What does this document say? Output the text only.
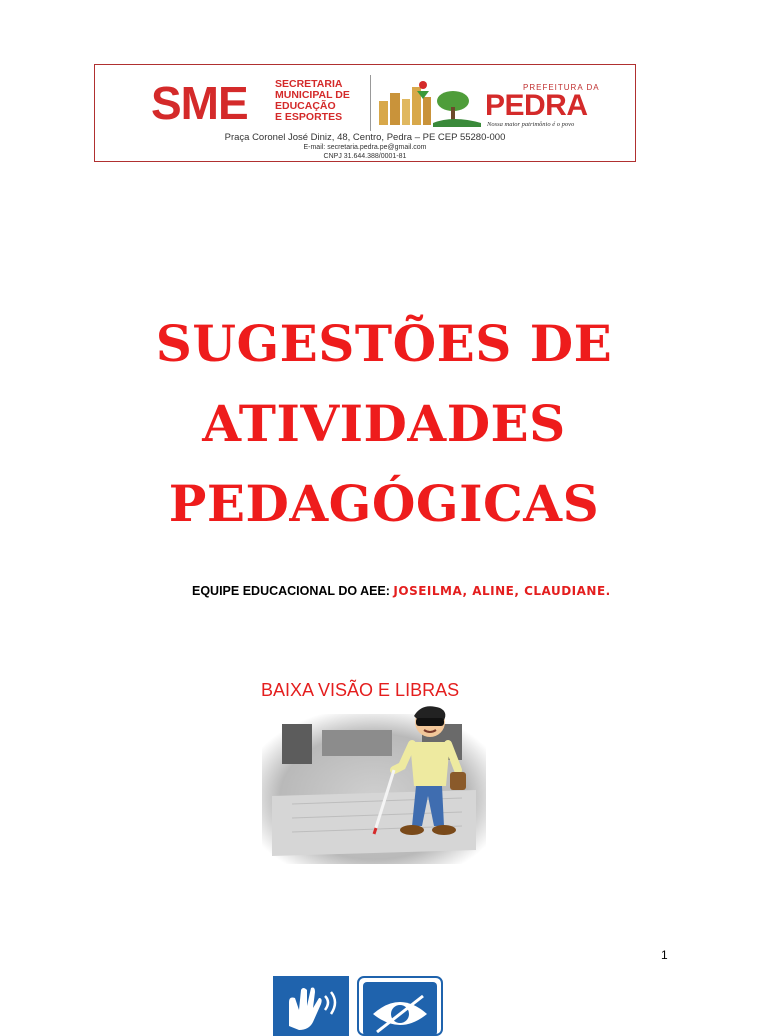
SME	SECRETARIA
MUNICIPAL DE
EDUCAÇÃO
E ESPORTES
PREFEITURA DA
PEDRA
Nossa maior patrimônio é o povo
Praça Coronel José Diniz, 48, Centro, Pedra – PE CEP 55280-000
E-mail: secretaria.pedra.pe@gmail.com
CNPJ 31.644.388/0001-81
SUGESTÕES DE
ATIVIDADES
PEDAGÓGICAS
EQUIPE EDUCACIONAL DO AEE: JOSEILMA, ALINE, CLAUDIANE.
BAIXA VISÃO E LIBRAS
1
